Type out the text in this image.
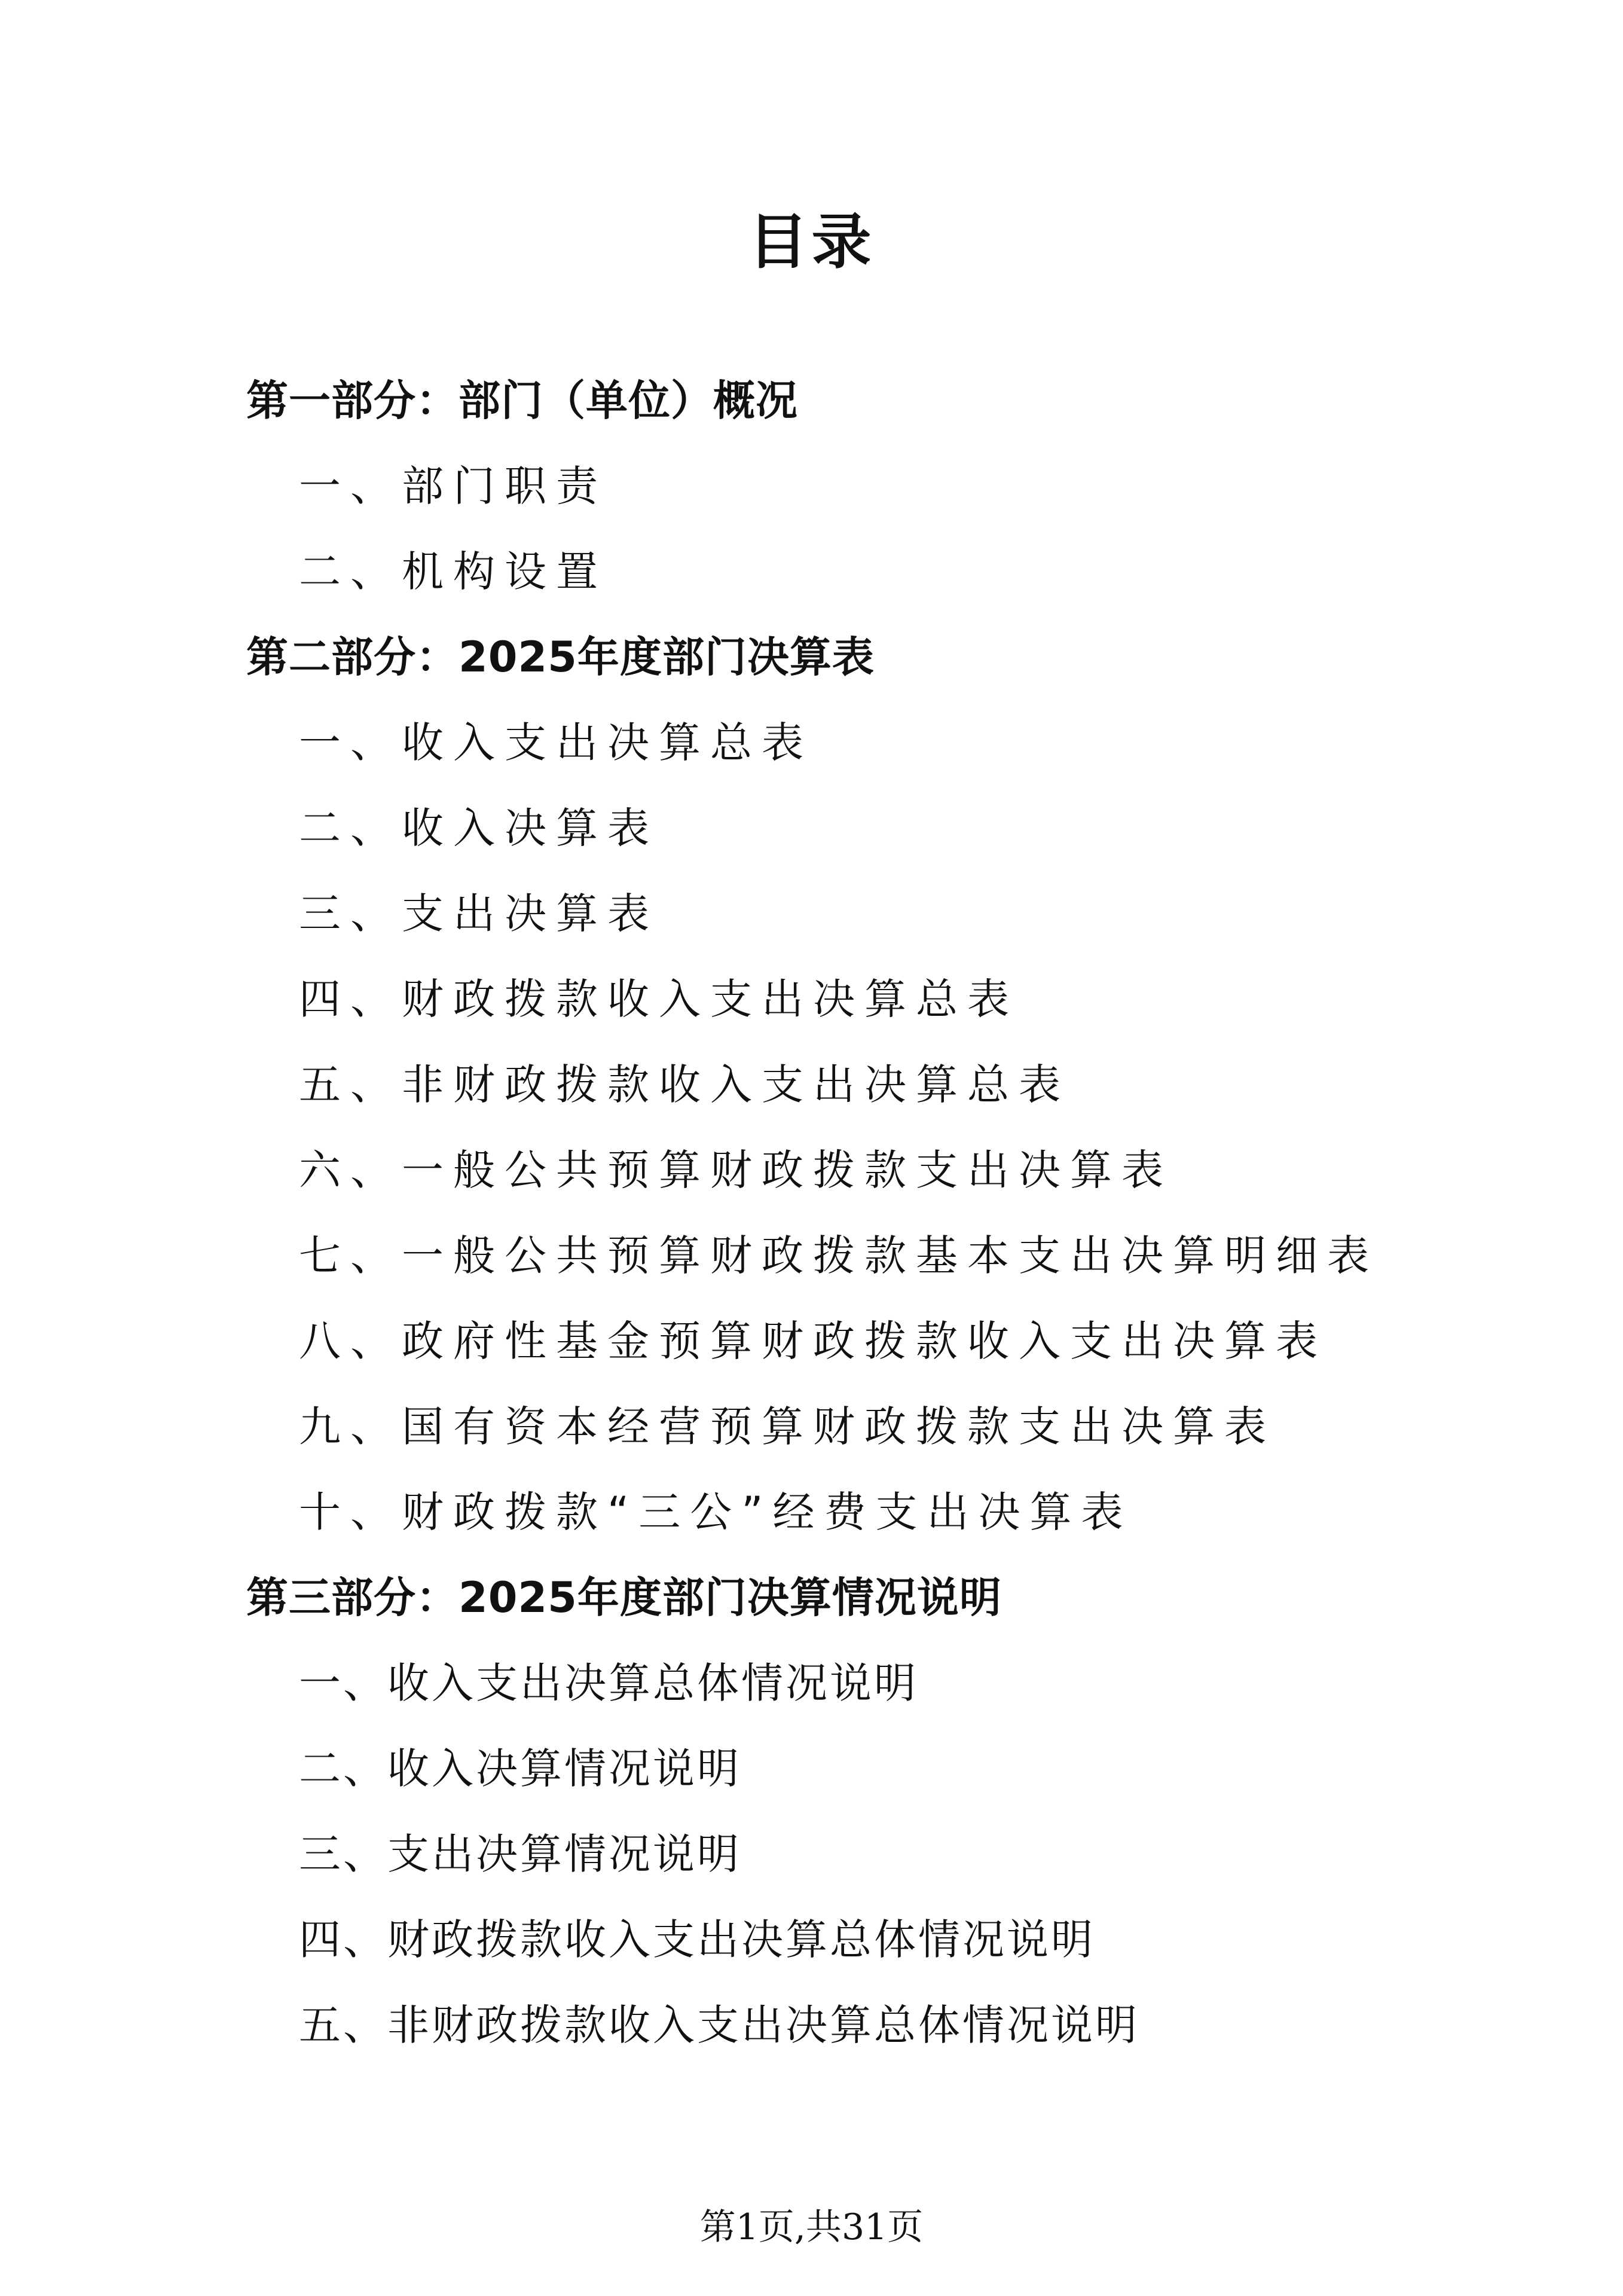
目录
第一部分：部门（单位）概况
一、部门职责
二、机构设置
第二部分：2025年度部门决算表
一、收入支出决算总表
二、收入决算表
三、支出决算表
四、财政拨款收入支出决算总表
五、非财政拨款收入支出决算总表
六、一般公共预算财政拨款支出决算表
七、一般公共预算财政拨款基本支出决算明细表
八、政府性基金预算财政拨款收入支出决算表
九、国有资本经营预算财政拨款支出决算表
十、财政拨款“三公”经费支出决算表
第三部分：2025年度部门决算情况说明
一、收入支出决算总体情况说明
二、收入决算情况说明
三、支出决算情况说明
四、财政拨款收入支出决算总体情况说明
五、非财政拨款收入支出决算总体情况说明
第1页,共31页
